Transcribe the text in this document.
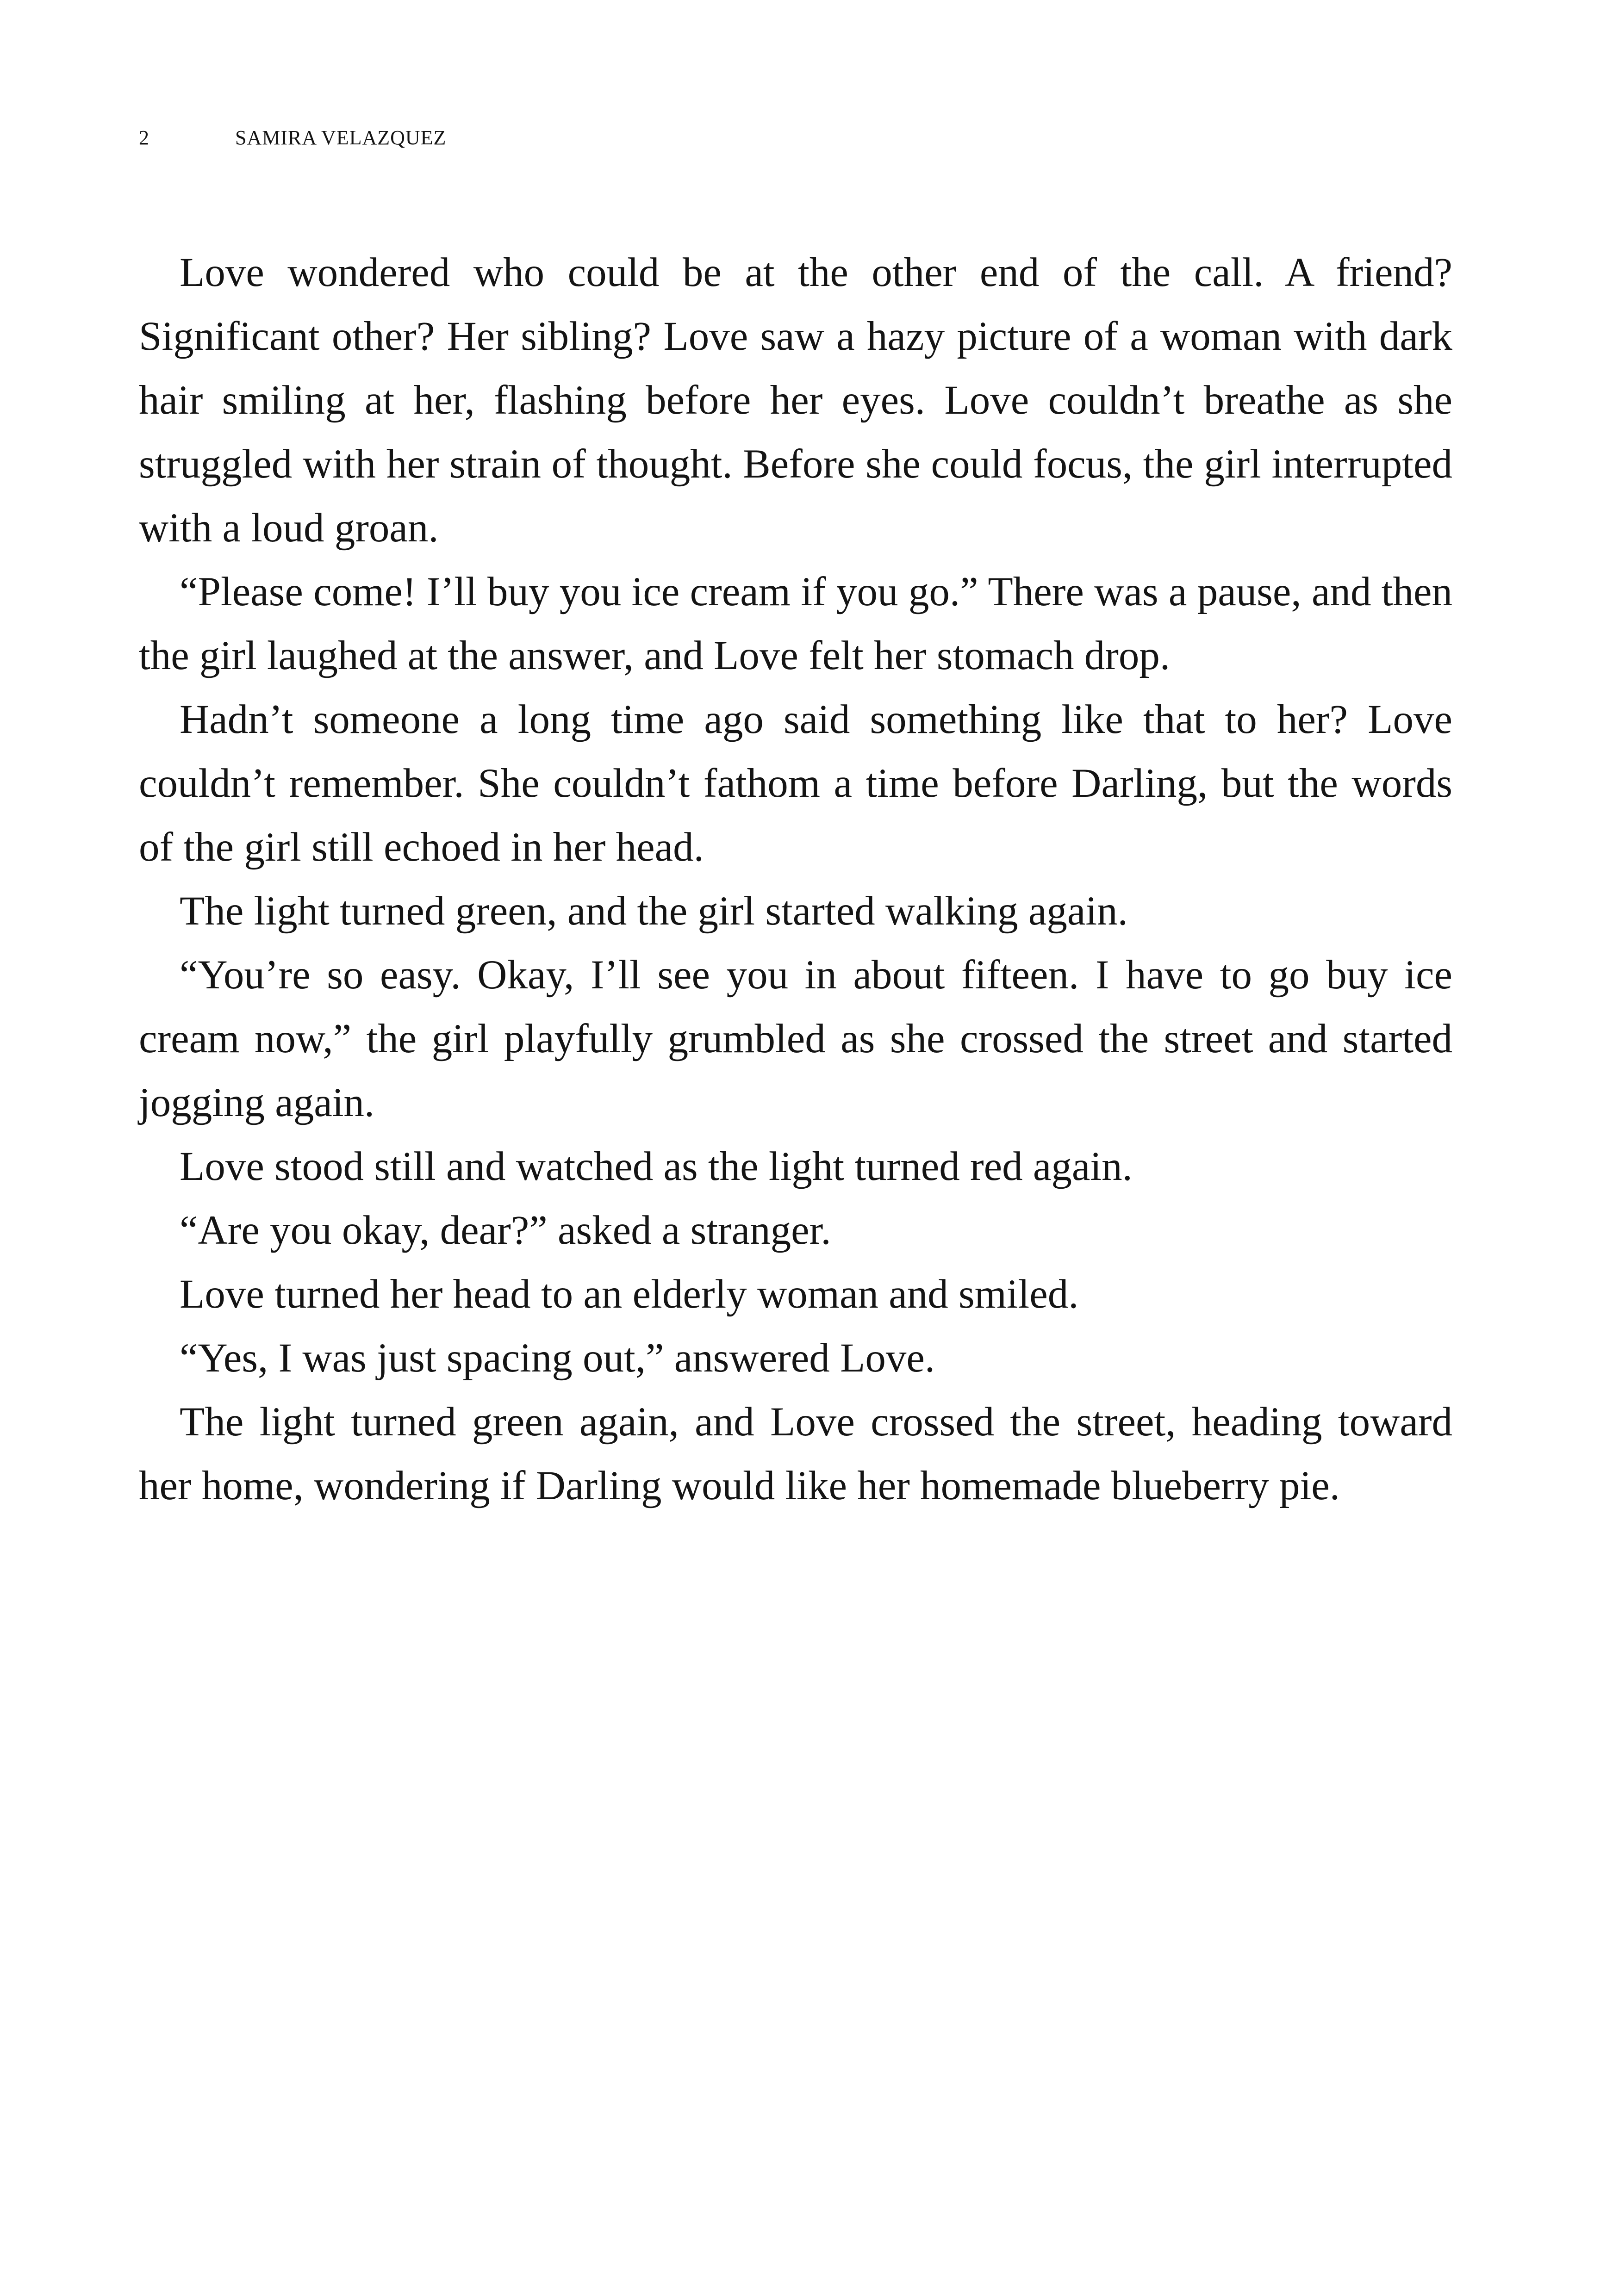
2	SAMIRA VELAZQUEZ

Love wondered who could be at the other end of the call. A friend? Significant other? Her sibling? Love saw a hazy picture of a woman with dark hair smiling at her, flashing before her eyes. Love couldn’t breathe as she struggled with her strain of thought. Before she could focus, the girl interrupted with a loud groan.

“Please come! I’ll buy you ice cream if you go.” There was a pause, and then the girl laughed at the answer, and Love felt her stomach drop.

Hadn’t someone a long time ago said something like that to her? Love couldn’t remember. She couldn’t fathom a time before Darling, but the words of the girl still echoed in her head.

The light turned green, and the girl started walking again.

“You’re so easy. Okay, I’ll see you in about fifteen. I have to go buy ice cream now,” the girl playfully grumbled as she crossed the street and started jogging again.

Love stood still and watched as the light turned red again.

“Are you okay, dear?” asked a stranger.

Love turned her head to an elderly woman and smiled.

“Yes, I was just spacing out,” answered Love.

The light turned green again, and Love crossed the street, heading toward her home, wondering if Darling would like her homemade blueberry pie.
